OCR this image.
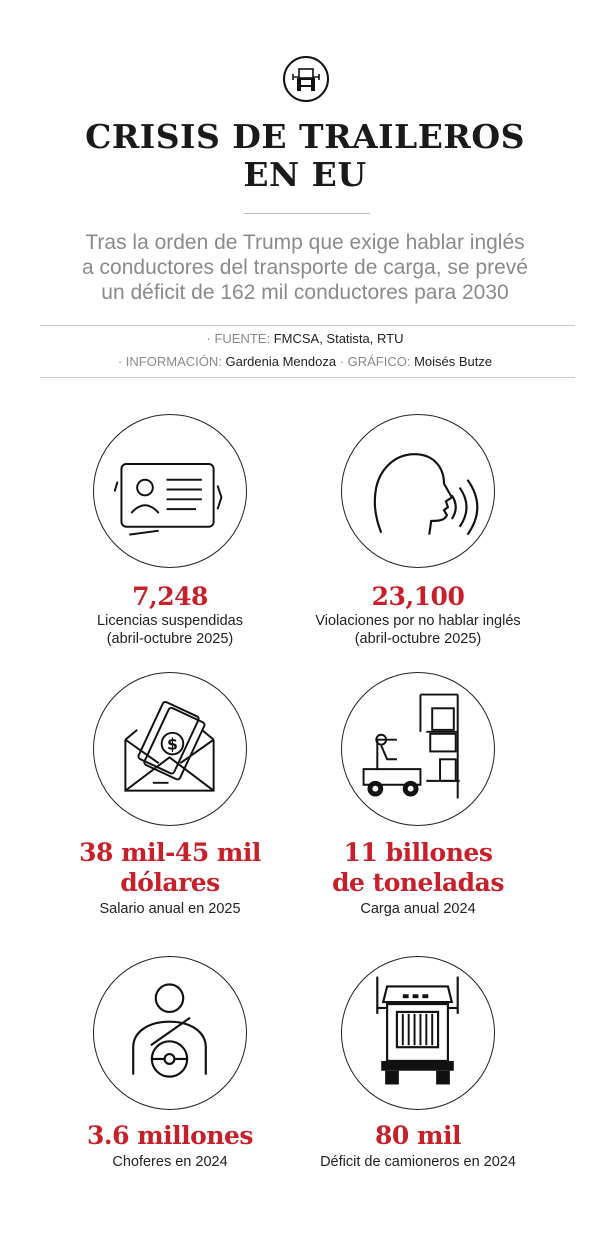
CRISIS DE TRAILEROS
EN EU
Tras la orden de Trump que exige hablar inglés
a conductores del transporte de carga, se prevé
un déficit de 162 mil conductores para 2030
· FUENTE: FMCSA, Statista, RTU
· INFORMACIÓN: Gardenia Mendoza · GRÁFICO: Moisés Butze
7,248
Licencias suspendidas
(abril-octubre 2025)
23,100
Violaciones por no hablar inglés
(abril-octubre 2025)
$
38 mil-45 mil
dólares
Salario anual en 2025
11 billones
de toneladas
Carga anual 2024
3.6 millones
Choferes en 2024
80 mil
Déficit de camioneros en 2024
